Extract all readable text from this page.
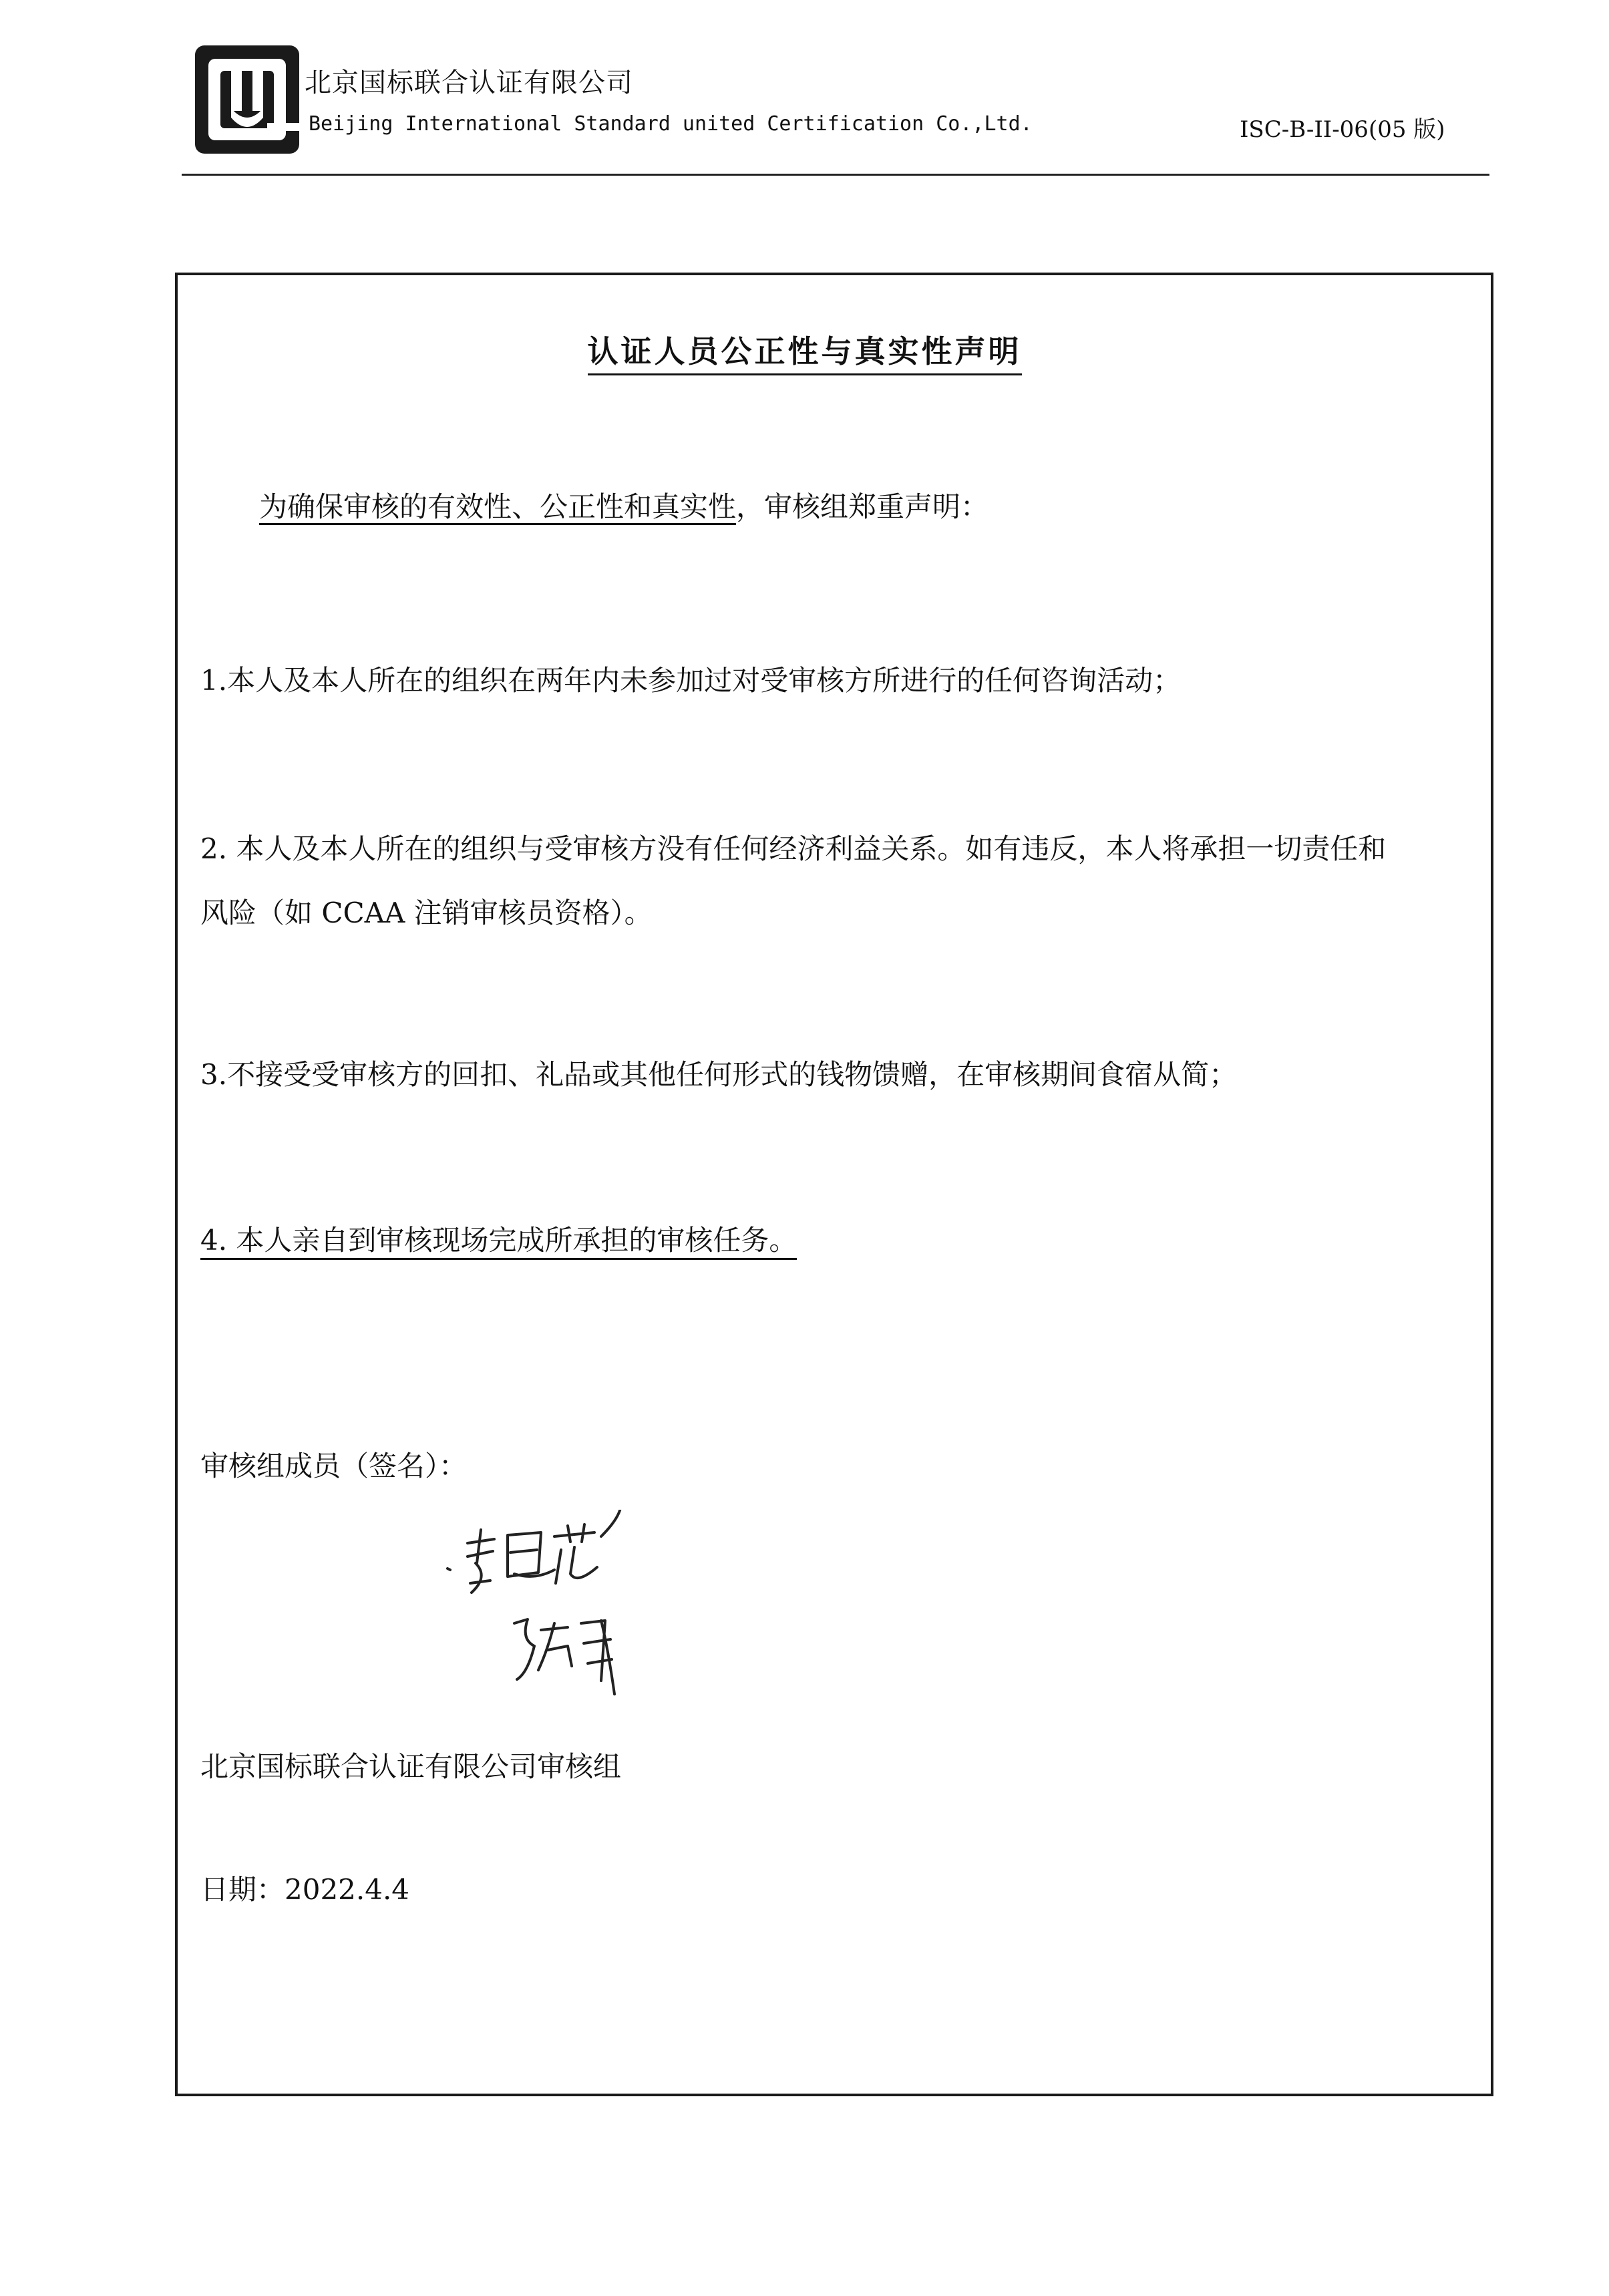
北京国标联合认证有限公司
Beijing International Standard united Certification Co.,Ltd.	ISC-B-II-06(05 版)
认证人员公正性与真实性声明
为确保审核的有效性、公正性和真实性，审核组郑重声明：
1.本人及本人所在的组织在两年内未参加过对受审核方所进行的任何咨询活动；
2. 本人及本人所在的组织与受审核方没有任何经济利益关系。如有违反，本人将承担一切责任和
风险（如 CCAA 注销审核员资格）。
3.不接受受审核方的回扣、礼品或其他任何形式的钱物馈赠，在审核期间食宿从简；
4. 本人亲自到审核现场完成所承担的审核任务。
审核组成员（签名）：
北京国标联合认证有限公司审核组
日期：2022.4.4
